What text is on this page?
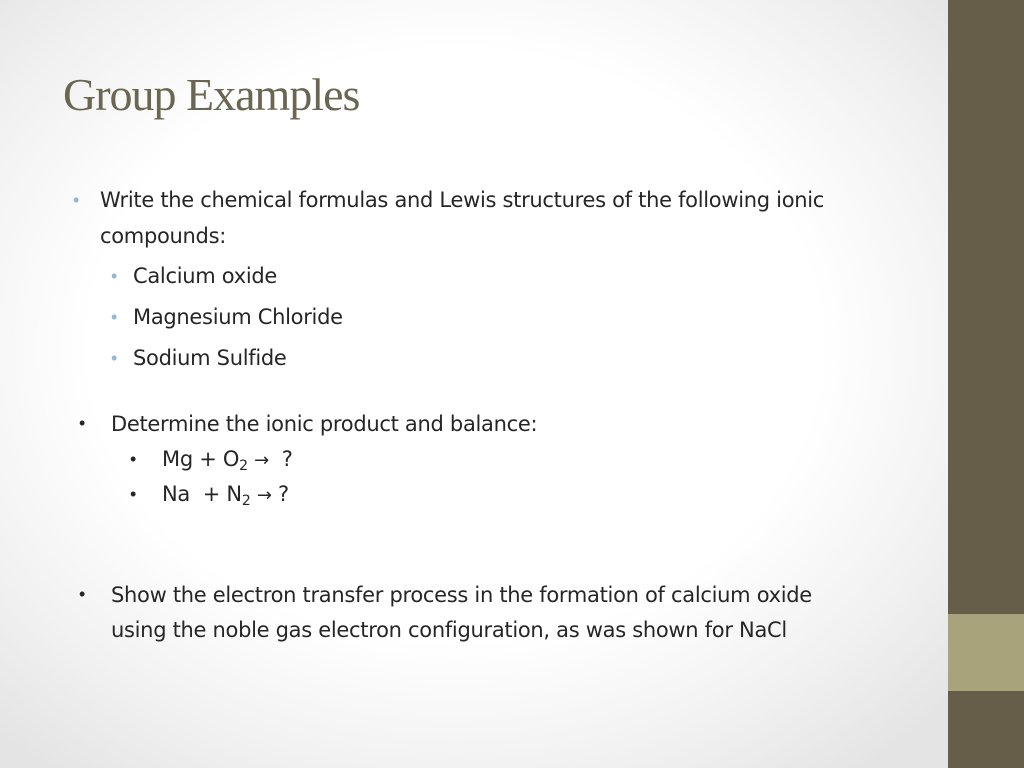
Group Examples
• Write the chemical formulas and Lewis structures of the following ionic

compounds:

• Calcium oxide

• Magnesium Chloride

• Sodium Sulfide

• Determine the ionic product and balance:

• $Mg + O_2$ → ?

• $Na + N_2$ → ?

• Show the electron transfer process in the formation of calcium oxide

using the noble gas electron configuration, as was shown for NaCl
